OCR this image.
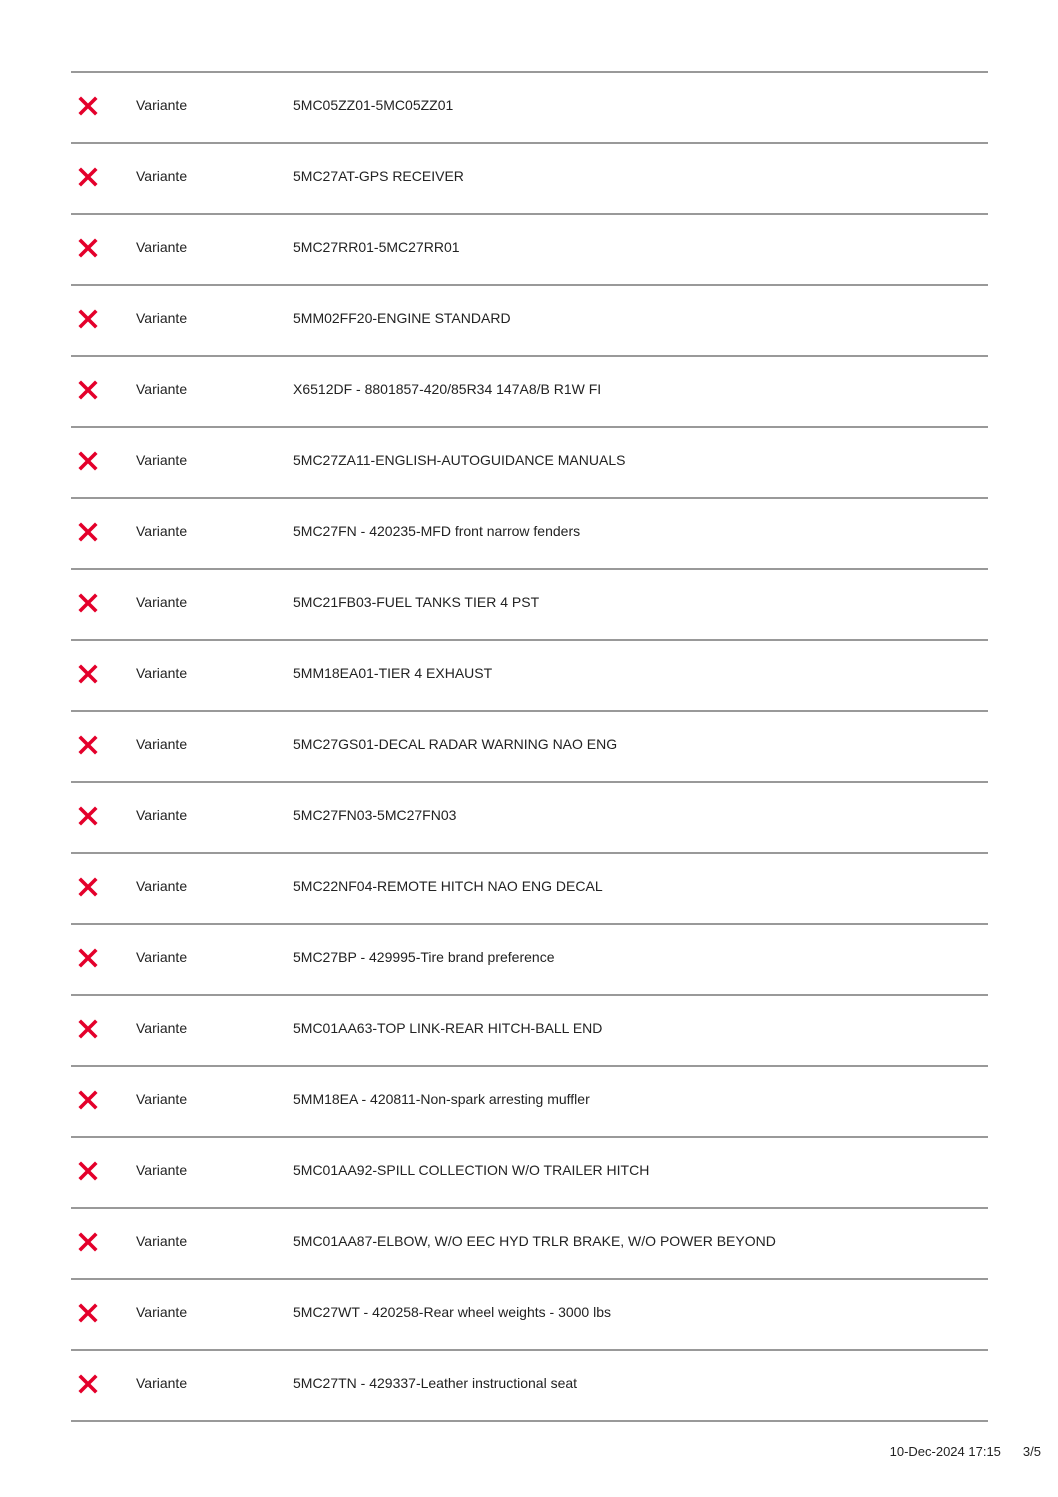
Variante	5MC05ZZ01-5MC05ZZ01
Variante	5MC27AT-GPS RECEIVER
Variante	5MC27RR01-5MC27RR01
Variante	5MM02FF20-ENGINE STANDARD
Variante	X6512DF - 8801857-420/85R34 147A8/B R1W FI
Variante	5MC27ZA11-ENGLISH-AUTOGUIDANCE MANUALS
Variante	5MC27FN - 420235-MFD front narrow fenders
Variante	5MC21FB03-FUEL TANKS TIER 4 PST
Variante	5MM18EA01-TIER 4 EXHAUST
Variante	5MC27GS01-DECAL RADAR WARNING NAO ENG
Variante	5MC27FN03-5MC27FN03
Variante	5MC22NF04-REMOTE HITCH NAO ENG DECAL
Variante	5MC27BP - 429995-Tire brand preference
Variante	5MC01AA63-TOP LINK-REAR HITCH-BALL END
Variante	5MM18EA - 420811-Non-spark arresting muffler
Variante	5MC01AA92-SPILL COLLECTION W/O TRAILER HITCH
Variante	5MC01AA87-ELBOW, W/O EEC HYD TRLR BRAKE, W/O POWER BEYOND
Variante	5MC27WT - 420258-Rear wheel weights - 3000 lbs
Variante	5MC27TN - 429337-Leather instructional seat
10-Dec-2024 17:15 3/5
